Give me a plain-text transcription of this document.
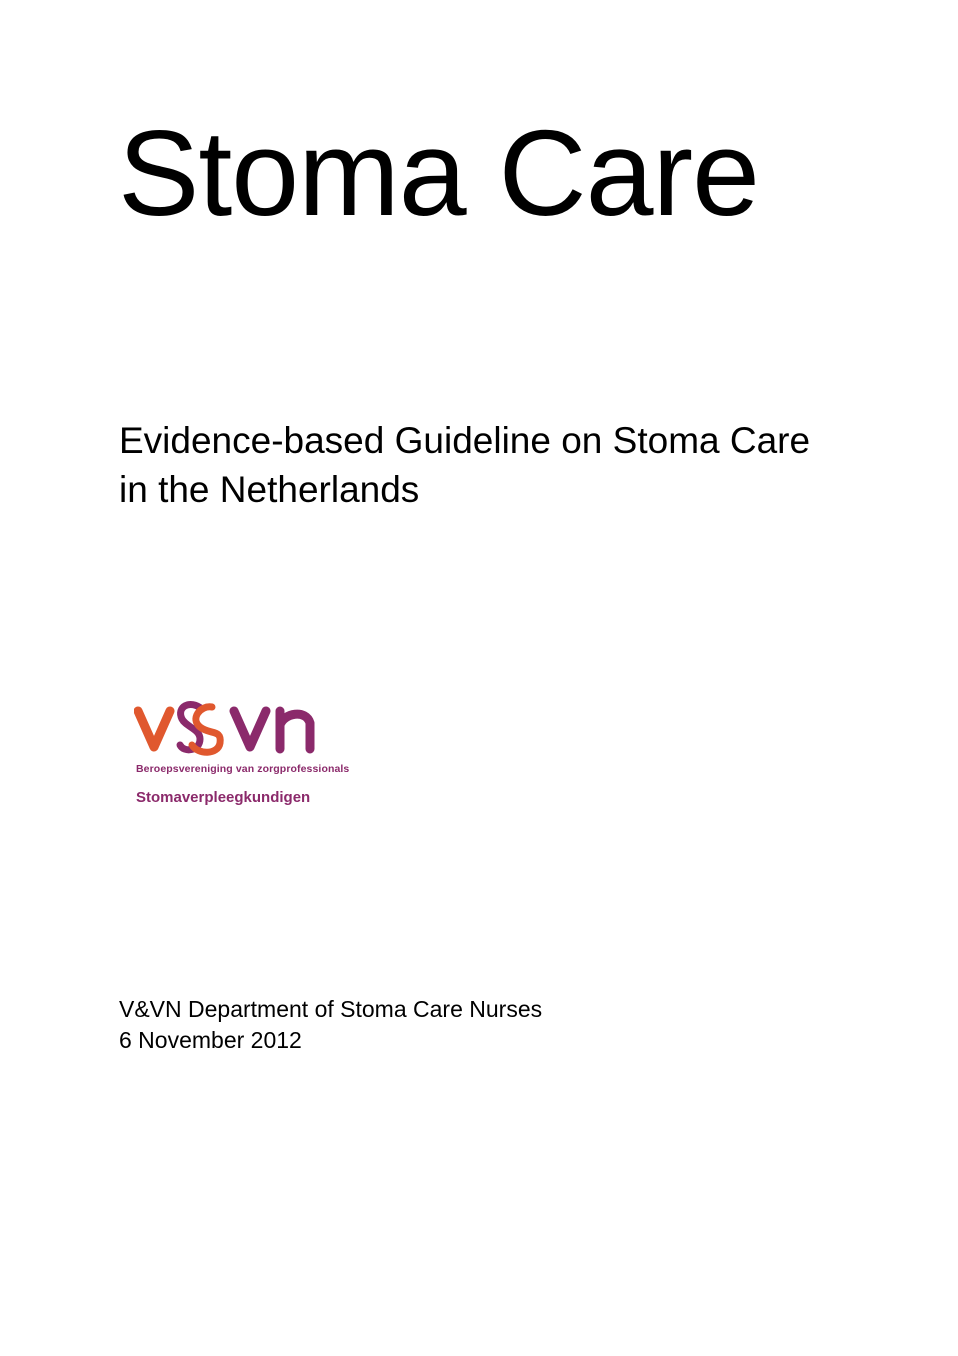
Stoma Care
Evidence-based Guideline on Stoma Care
in the Netherlands
Beroepsvereniging van zorgprofessionals
Stomaverpleegkundigen
V&VN Department of Stoma Care Nurses
6 November 2012
